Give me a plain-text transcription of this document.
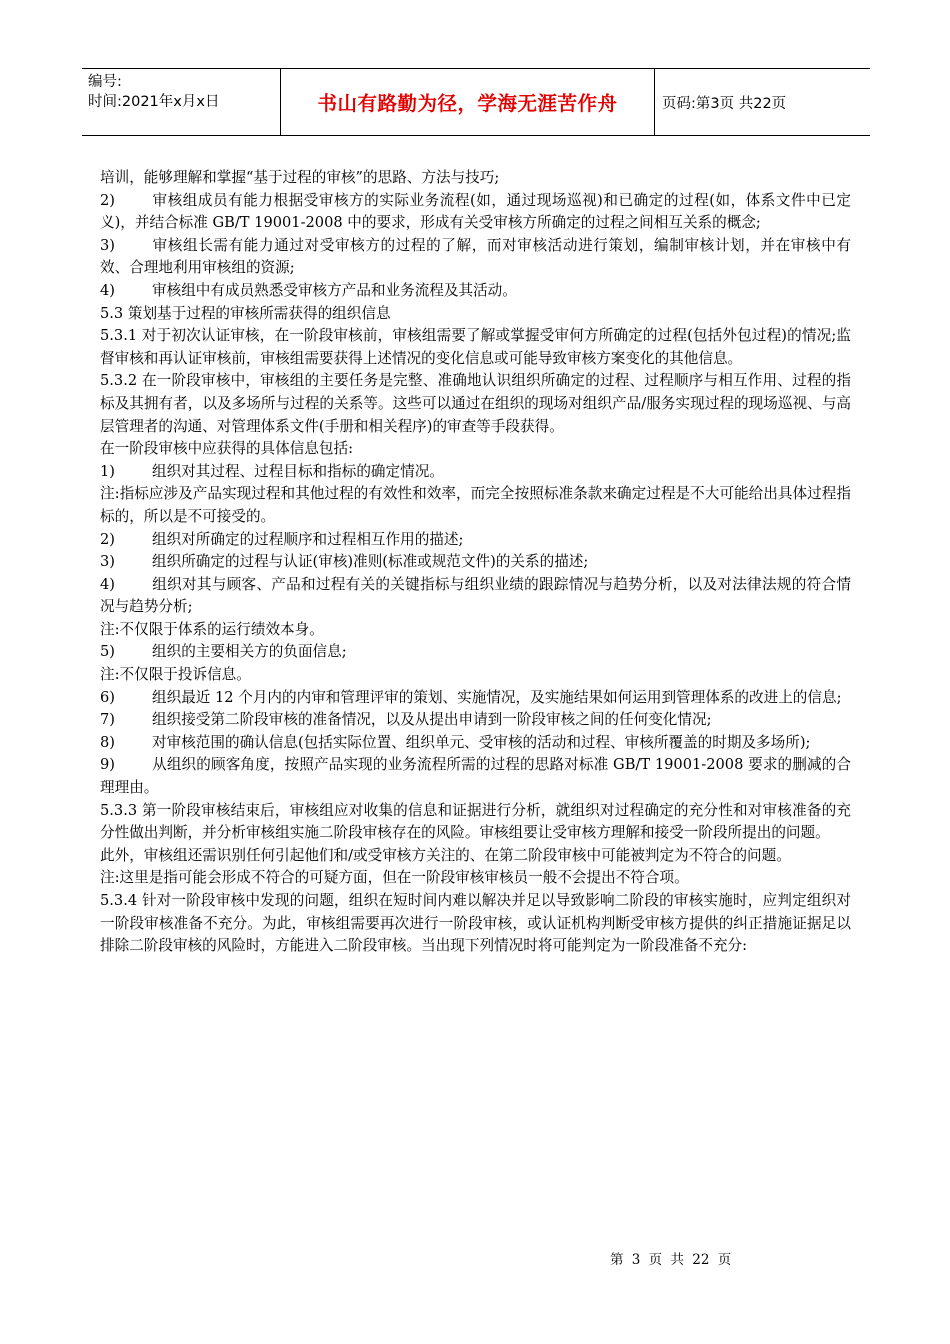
编号:
时间:2021年x月x日	书山有路勤为径，学海无涯苦作舟	页码:第3页 共22页

培训，能够理解和掌握“基于过程的审核”的思路、方法与技巧;

2)	审核组成员有能力根据受审核方的实际业务流程(如，通过现场巡视)和已确定的过程(如，体系文件中已定义)，并结合标准 GB/T 19001-2008 中的要求，形成有关受审核方所确定的过程之间相互关系的概念;

3)	审核组长需有能力通过对受审核方的过程的了解，而对审核活动进行策划，编制审核计划，并在审核中有效、合理地利用审核组的资源;

4)	审核组中有成员熟悉受审核方产品和业务流程及其活动。

5.3 策划基于过程的审核所需获得的组织信息

5.3.1 对于初次认证审核，在一阶段审核前，审核组需要了解或掌握受审何方所确定的过程(包括外包过程)的情况;监督审核和再认证审核前，审核组需要获得上述情况的变化信息或可能导致审核方案变化的其他信息。

5.3.2 在一阶段审核中，审核组的主要任务是完整、准确地认识组织所确定的过程、过程顺序与相互作用、过程的指标及其拥有者，以及多场所与过程的关系等。这些可以通过在组织的现场对组织产品/服务实现过程的现场巡视、与高层管理者的沟通、对管理体系文件(手册和相关程序)的审查等手段获得。

在一阶段审核中应获得的具体信息包括:

1)	组织对其过程、过程目标和指标的确定情况。

注:指标应涉及产品实现过程和其他过程的有效性和效率，而完全按照标准条款来确定过程是不大可能给出具体过程指标的，所以是不可接受的。

2)	组织对所确定的过程顺序和过程相互作用的描述;

3)	组织所确定的过程与认证(审核)准则(标准或规范文件)的关系的描述;

4)	组织对其与顾客、产品和过程有关的关键指标与组织业绩的跟踪情况与趋势分析，以及对法律法规的符合情况与趋势分析;

注:不仅限于体系的运行绩效本身。

5)	组织的主要相关方的负面信息;

注:不仅限于投诉信息。

6)	组织最近 12 个月内的内审和管理评审的策划、实施情况，及实施结果如何运用到管理体系的改进上的信息;

7)	组织接受第二阶段审核的准备情况，以及从提出申请到一阶段审核之间的任何变化情况;

8)	对审核范围的确认信息(包括实际位置、组织单元、受审核的活动和过程、审核所覆盖的时期及多场所);

9)	从组织的顾客角度，按照产品实现的业务流程所需的过程的思路对标准 GB/T 19001-2008 要求的删减的合理理由。

5.3.3 第一阶段审核结束后，审核组应对收集的信息和证据进行分析，就组织对过程确定的充分性和对审核准备的充分性做出判断，并分析审核组实施二阶段审核存在的风险。审核组要让受审核方理解和接受一阶段所提出的问题。

此外，审核组还需识别任何引起他们和/或受审核方关注的、在第二阶段审核中可能被判定为不符合的问题。

注:这里是指可能会形成不符合的可疑方面，但在一阶段审核审核员一般不会提出不符合项。

5.3.4 针对一阶段审核中发现的问题，组织在短时间内难以解决并足以导致影响二阶段的审核实施时，应判定组织对一阶段审核准备不充分。为此，审核组需要再次进行一阶段审核，或认证机构判断受审核方提供的纠正措施证据足以排除二阶段审核的风险时，方能进入二阶段审核。当出现下列情况时将可能判定为一阶段准备不充分:

第 3 页 共 22 页
